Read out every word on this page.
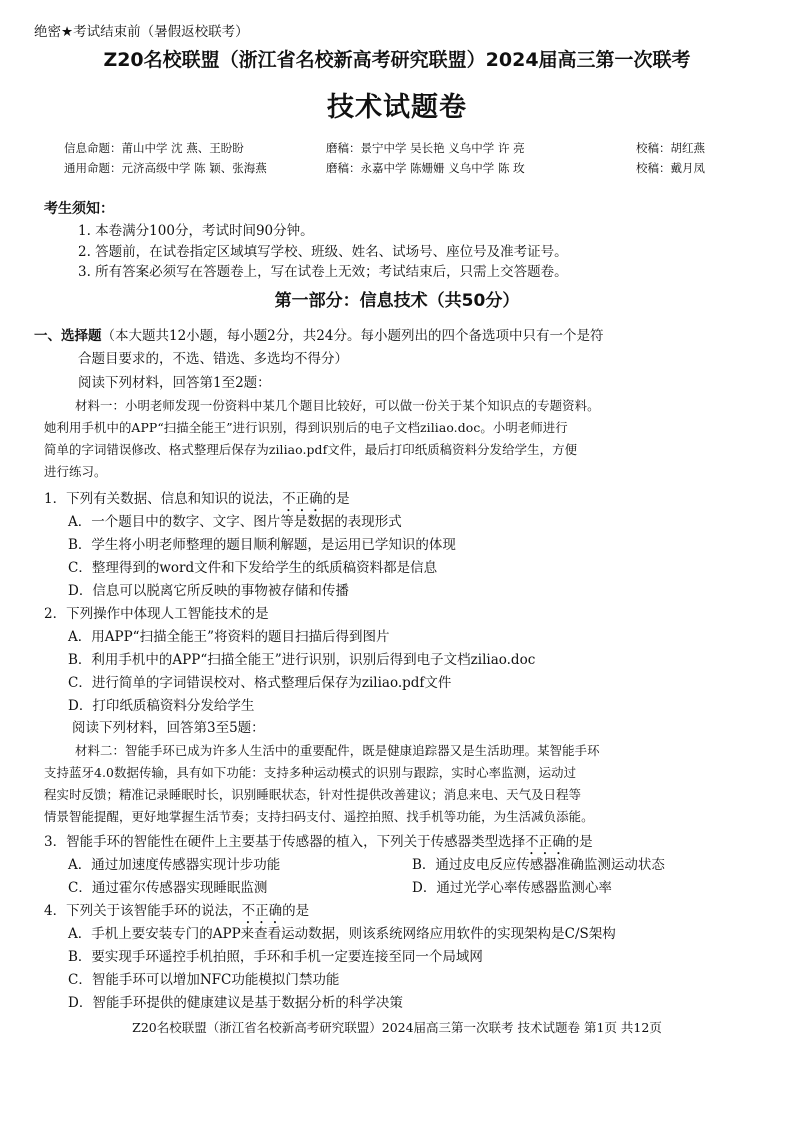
绝密★考试结束前（暑假返校联考）
Z20名校联盟（浙江省名校新高考研究联盟）2024届高三第一次联考
技术试题卷
信息命题：莆山中学 沈 燕、王盼盼	磨稿：景宁中学 吴长艳 义乌中学 许 亮	校稿：胡红燕
通用命题：元济高级中学 陈 颖、张海燕	磨稿：永嘉中学 陈姗姗 义乌中学 陈 玫	校稿：戴月凤
考生须知：
1. 本卷满分100分，考试时间90分钟。
2. 答题前，在试卷指定区域填写学校、班级、姓名、试场号、座位号及准考证号。
3. 所有答案必须写在答题卷上，写在试卷上无效；考试结束后，只需上交答题卷。
第一部分：信息技术（共50分）
一、选择题（本大题共12小题，每小题2分，共24分。每小题列出的四个备选项中只有一个是符
合题目要求的，不选、错选、多选均不得分）
阅读下列材料，回答第1至2题：
材料一：小明老师发现一份资料中某几个题目比较好，可以做一份关于某个知识点的专题资料。
她利用手机中的APP“扫描全能王”进行识别，得到识别后的电子文档ziliao.doc。小明老师进行
简单的字词错误修改、格式整理后保存为ziliao.pdf文件，最后打印纸质稿资料分发给学生，方便
进行练习。
1．下列有关数据、信息和知识的说法，不正确的是
A．一个题目中的数字、文字、图片等是数据的表现形式
B．学生将小明老师整理的题目顺利解题，是运用已学知识的体现
C．整理得到的word文件和下发给学生的纸质稿资料都是信息
D．信息可以脱离它所反映的事物被存储和传播
2．下列操作中体现人工智能技术的是
A．用APP“扫描全能王”将资料的题目扫描后得到图片
B．利用手机中的APP“扫描全能王”进行识别，识别后得到电子文档ziliao.doc
C．进行简单的字词错误校对、格式整理后保存为ziliao.pdf文件
D．打印纸质稿资料分发给学生
阅读下列材料，回答第3至5题：
材料二：智能手环已成为许多人生活中的重要配件，既是健康追踪器又是生活助理。某智能手环
支持蓝牙4.0数据传输，具有如下功能：支持多种运动模式的识别与跟踪，实时心率监测，运动过
程实时反馈；精准记录睡眠时长，识别睡眠状态，针对性提供改善建议；消息来电、天气及日程等
情景智能提醒，更好地掌握生活节奏；支持扫码支付、遥控拍照、找手机等功能，为生活减负添能。
3．智能手环的智能性在硬件上主要基于传感器的植入，下列关于传感器类型选择不正确的是
A．通过加速度传感器实现计步功能	B．通过皮电反应传感器准确监测运动状态
C．通过霍尔传感器实现睡眠监测	D．通过光学心率传感器监测心率
4．下列关于该智能手环的说法，不正确的是
A．手机上要安装专门的APP来查看运动数据，则该系统网络应用软件的实现架构是C/S架构
B．要实现手环遥控手机拍照，手环和手机一定要连接至同一个局域网
C．智能手环可以增加NFC功能模拟门禁功能
D．智能手环提供的健康建议是基于数据分析的科学决策
Z20名校联盟（浙江省名校新高考研究联盟）2024届高三第一次联考 技术试题卷 第1页 共12页
